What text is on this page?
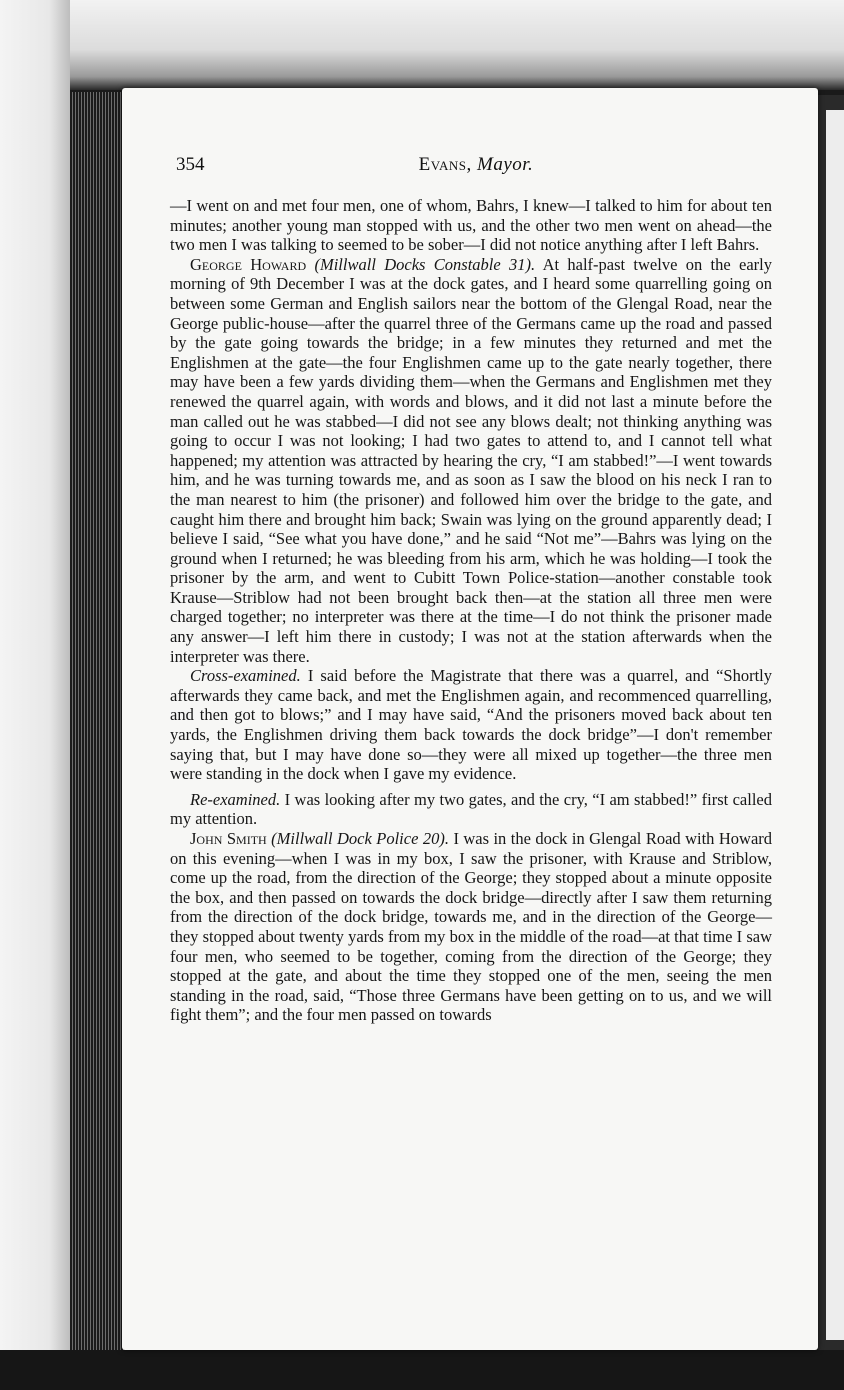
354	Evans, Mayor.

—I went on and met four men, one of whom, Bahrs, I knew—I talked to him for about ten minutes; another young man stopped with us, and the other two men went on ahead—the two men I was talking to seemed to be sober—I did not notice anything after I left Bahrs.

George Howard (Millwall Docks Constable 31). At half-past twelve on the early morning of 9th December I was at the dock gates, and I heard some quarrelling going on between some German and English sailors near the bottom of the Glengal Road, near the George public-house—after the quarrel three of the Germans came up the road and passed by the gate going towards the bridge; in a few minutes they returned and met the Englishmen at the gate—the four Englishmen came up to the gate nearly together, there may have been a few yards dividing them—when the Germans and Englishmen met they renewed the quarrel again, with words and blows, and it did not last a minute before the man called out he was stabbed—I did not see any blows dealt; not thinking anything was going to occur I was not looking; I had two gates to attend to, and I cannot tell what happened; my attention was attracted by hearing the cry, “I am stabbed!”—I went towards him, and he was turning towards me, and as soon as I saw the blood on his neck I ran to the man nearest to him (the prisoner) and followed him over the bridge to the gate, and caught him there and brought him back; Swain was lying on the ground apparently dead; I believe I said, “See what you have done,” and he said “Not me”—Bahrs was lying on the ground when I returned; he was bleeding from his arm, which he was holding—I took the prisoner by the arm, and went to Cubitt Town Police-station—another constable took Krause—Striblow had not been brought back then—at the station all three men were charged together; no interpreter was there at the time—I do not think the prisoner made any answer—I left him there in custody; I was not at the station afterwards when the interpreter was there.

Cross-examined. I said before the Magistrate that there was a quarrel, and “Shortly afterwards they came back, and met the Englishmen again, and recommenced quarrelling, and then got to blows;” and I may have said, “And the prisoners moved back about ten yards, the Englishmen driving them back towards the dock bridge”—I don't remember saying that, but I may have done so—they were all mixed up together—the three men were standing in the dock when I gave my evidence.

Re-examined. I was looking after my two gates, and the cry, “I am stabbed!” first called my attention.

John Smith (Millwall Dock Police 20). I was in the dock in Glengal Road with Howard on this evening—when I was in my box, I saw the prisoner, with Krause and Striblow, come up the road, from the direction of the George; they stopped about a minute opposite the box, and then passed on towards the dock bridge—directly after I saw them returning from the direction of the dock bridge, towards me, and in the direction of the George—they stopped about twenty yards from my box in the middle of the road—at that time I saw four men, who seemed to be together, coming from the direction of the George; they stopped at the gate, and about the time they stopped one of the men, seeing the men standing in the road, said, “Those three Germans have been getting on to us, and we will fight them”; and the four men passed on towards
